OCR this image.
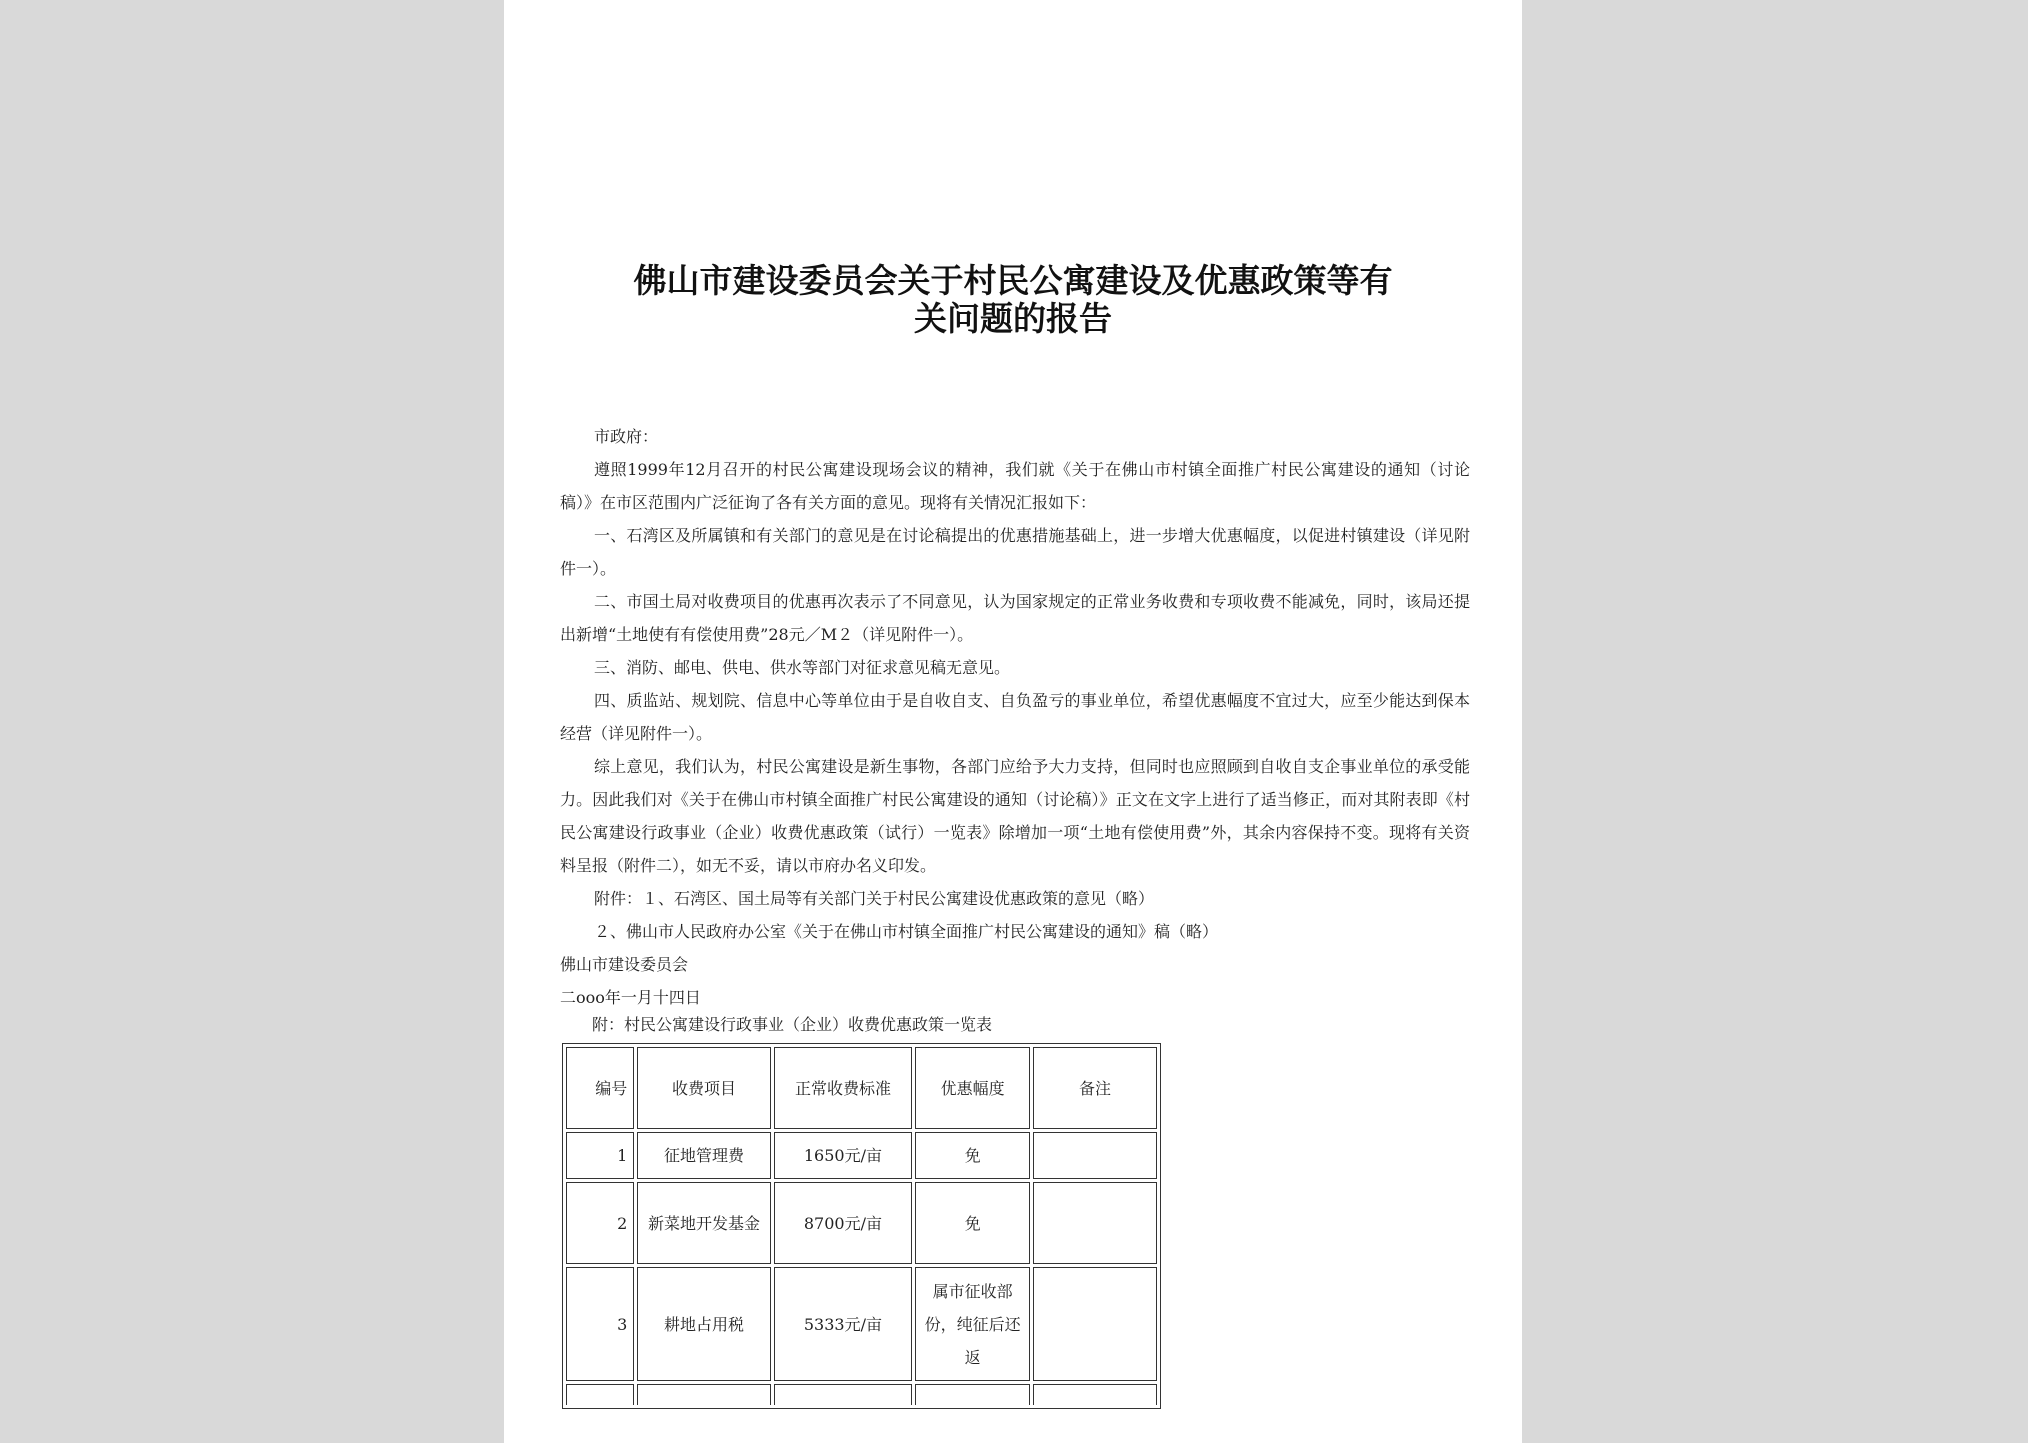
佛山市建设委员会关于村民公寓建设及优惠政策等有
关问题的报告

市政府：

遵照1999年12月召开的村民公寓建设现场会议的精神，我们就《关于在佛山市村镇全面推广村民公寓建设的通知（讨论稿）》在市区范围内广泛征询了各有关方面的意见。现将有关情况汇报如下：

一、石湾区及所属镇和有关部门的意见是在讨论稿提出的优惠措施基础上，进一步增大优惠幅度，以促进村镇建设（详见附件一）。

二、市国土局对收费项目的优惠再次表示了不同意见，认为国家规定的正常业务收费和专项收费不能减免，同时，该局还提出新增“土地使有有偿使用费”28元／M２（详见附件一）。

三、消防、邮电、供电、供水等部门对征求意见稿无意见。

四、质监站、规划院、信息中心等单位由于是自收自支、自负盈亏的事业单位，希望优惠幅度不宜过大，应至少能达到保本经营（详见附件一）。

综上意见，我们认为，村民公寓建设是新生事物，各部门应给予大力支持，但同时也应照顾到自收自支企事业单位的承受能力。因此我们对《关于在佛山市村镇全面推广村民公寓建设的通知（讨论稿）》正文在文字上进行了适当修正，而对其附表即《村民公寓建设行政事业（企业）收费优惠政策（试行）一览表》除增加一项“土地有偿使用费”外，其余内容保持不变。现将有关资料呈报（附件二），如无不妥，请以市府办名义印发。

附件：１、石湾区、国土局等有关部门关于村民公寓建设优惠政策的意见（略）

２、佛山市人民政府办公室《关于在佛山市村镇全面推广村民公寓建设的通知》稿（略）

佛山市建设委员会

二ooo年一月十四日

附：村民公寓建设行政事业（企业）收费优惠政策一览表
编号	收费项目	正常收费标准	优惠幅度	备注
1	征地管理费	1650元/亩	免	
2	新菜地开发基金	8700元/亩	免	
3	耕地占用税	5333元/亩	属市征收部份，纯征后还返	
